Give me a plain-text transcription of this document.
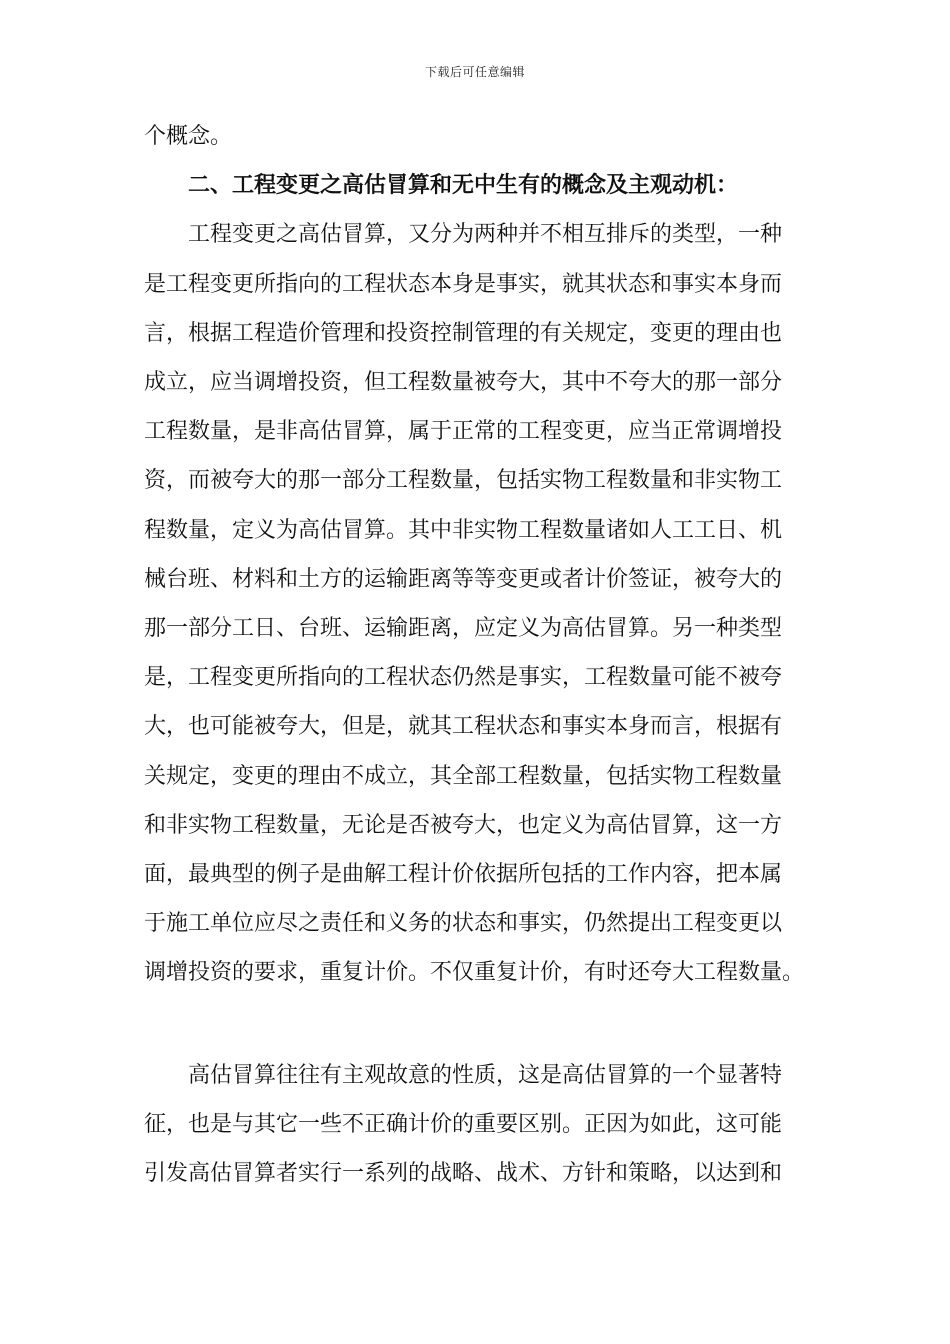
下载后可任意编辑
个概念。
二、工程变更之高估冒算和无中生有的概念及主观动机：
工程变更之高估冒算，又分为两种并不相互排斥的类型，一种
是工程变更所指向的工程状态本身是事实，就其状态和事实本身而
言，根据工程造价管理和投资控制管理的有关规定，变更的理由也
成立，应当调增投资，但工程数量被夸大，其中不夸大的那一部分
工程数量，是非高估冒算，属于正常的工程变更，应当正常调增投
资，而被夸大的那一部分工程数量，包括实物工程数量和非实物工
程数量，定义为高估冒算。其中非实物工程数量诸如人工工日、机
械台班、材料和土方的运输距离等等变更或者计价签证，被夸大的
那一部分工日、台班、运输距离，应定义为高估冒算。另一种类型
是，工程变更所指向的工程状态仍然是事实，工程数量可能不被夸
大，也可能被夸大，但是，就其工程状态和事实本身而言，根据有
关规定，变更的理由不成立，其全部工程数量，包括实物工程数量
和非实物工程数量，无论是否被夸大，也定义为高估冒算，这一方
面，最典型的例子是曲解工程计价依据所包括的工作内容，把本属
于施工单位应尽之责任和义务的状态和事实，仍然提出工程变更以
调增投资的要求，重复计价。不仅重复计价，有时还夸大工程数量。
高估冒算往往有主观故意的性质，这是高估冒算的一个显著特
征，也是与其它一些不正确计价的重要区别。正因为如此，这可能
引发高估冒算者实行一系列的战略、战术、方针和策略，以达到和
